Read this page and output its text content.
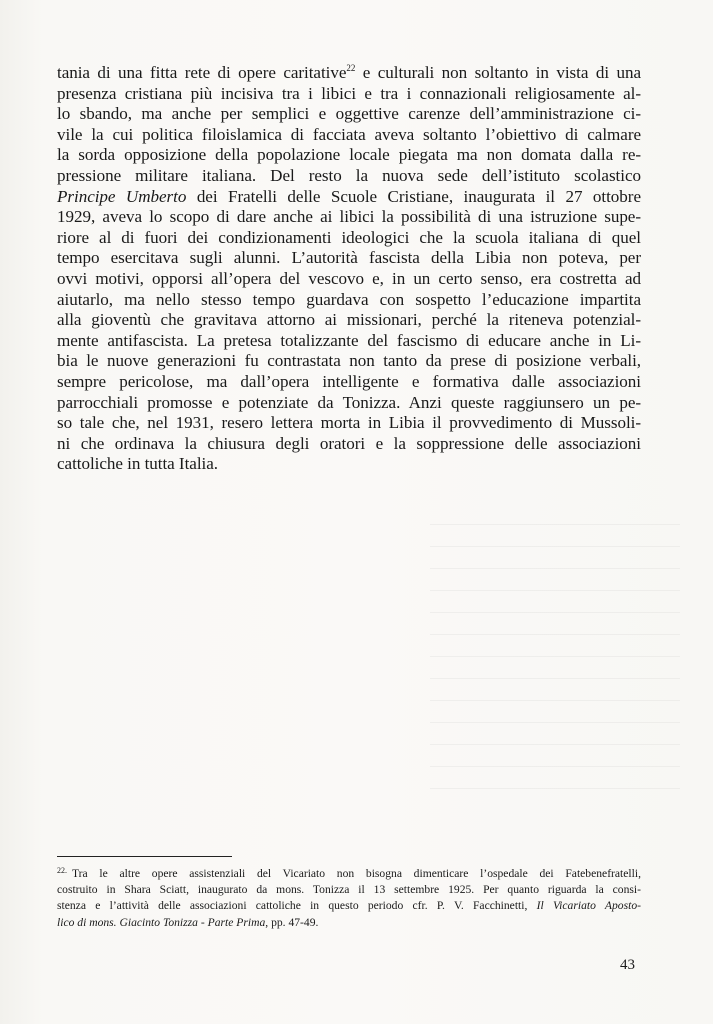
tania di una fitta rete di opere caritative$^{22}$ e culturali non soltanto in vista di una
presenza cristiana più incisiva tra i libici e tra i connazionali religiosamente al-
lo sbando, ma anche per semplici e oggettive carenze dell’amministrazione ci-
vile la cui politica filoislamica di facciata aveva soltanto l’obiettivo di calmare
la sorda opposizione della popolazione locale piegata ma non domata dalla re-
pressione militare italiana. Del resto la nuova sede dell’istituto scolastico
Principe Umberto dei Fratelli delle Scuole Cristiane, inaugurata il 27 ottobre
1929, aveva lo scopo di dare anche ai libici la possibilità di una istruzione supe-
riore al di fuori dei condizionamenti ideologici che la scuola italiana di quel
tempo esercitava sugli alunni. L’autorità fascista della Libia non poteva, per
ovvi motivi, opporsi all’opera del vescovo e, in un certo senso, era costretta ad
aiutarlo, ma nello stesso tempo guardava con sospetto l’educazione impartita
alla gioventù che gravitava attorno ai missionari, perché la riteneva potenzial-
mente antifascista. La pretesa totalizzante del fascismo di educare anche in Li-
bia le nuove generazioni fu contrastata non tanto da prese di posizione verbali,
sempre pericolose, ma dall’opera intelligente e formativa dalle associazioni
parrocchiali promosse e potenziate da Tonizza. Anzi queste raggiunsero un pe-
so tale che, nel 1931, resero lettera morta in Libia il provvedimento di Mussoli-
ni che ordinava la chiusura degli oratori e la soppressione delle associazioni
cattoliche in tutta Italia.
$^{22.}$ Tra le altre opere assistenziali del Vicariato non bisogna dimenticare l’ospedale dei Fatebenefratelli,
costruito in Shara Sciatt, inaugurato da mons. Tonizza il 13 settembre 1925. Per quanto riguarda la consi-
stenza e l’attività delle associazioni cattoliche in questo periodo cfr. P. V. Facchinetti, Il Vicariato Aposto-
lico di mons. Giacinto Tonizza - Parte Prima, pp. 47-49.
43
